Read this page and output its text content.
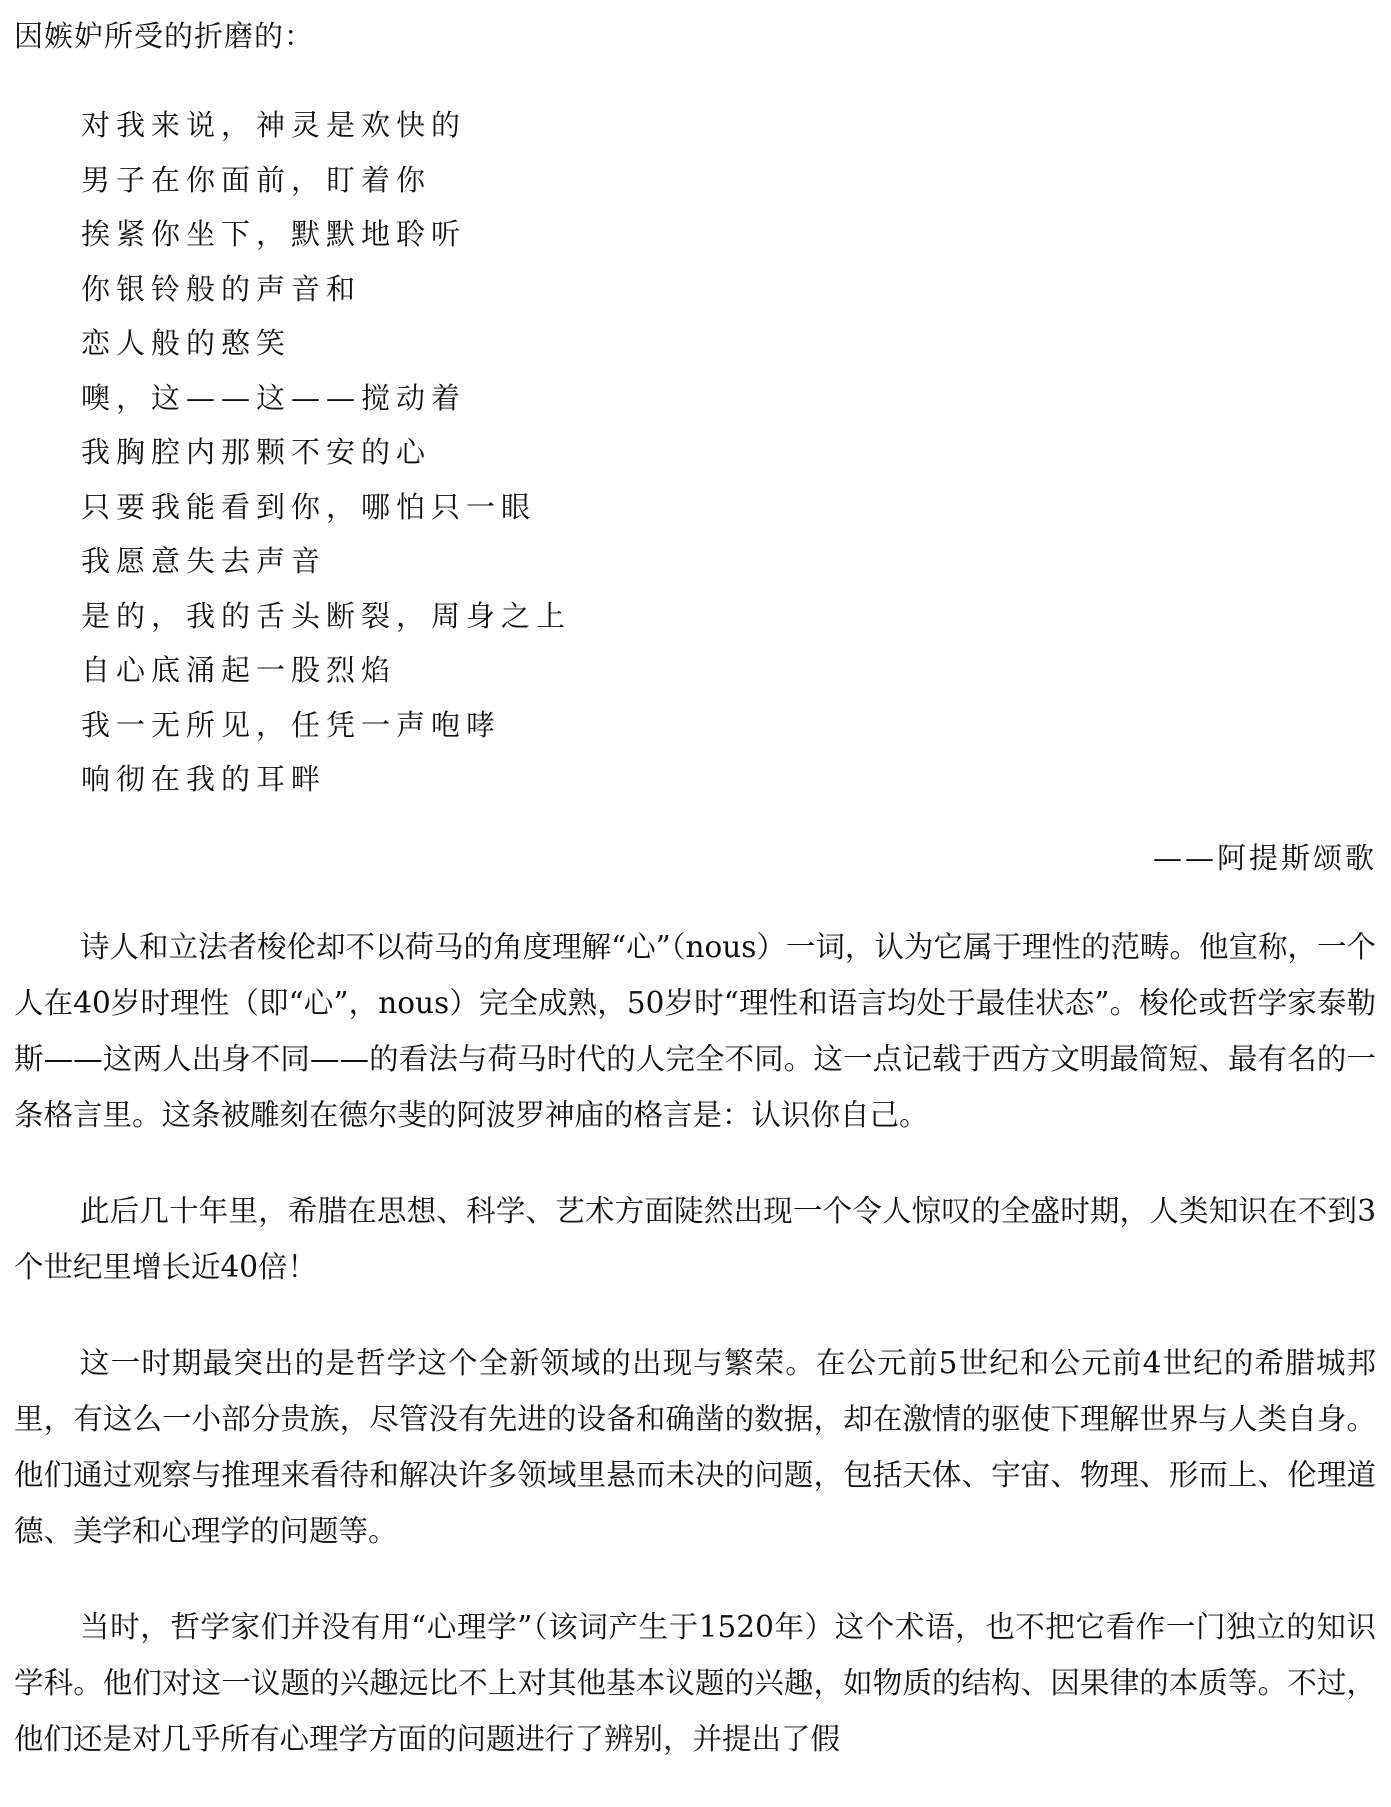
因嫉妒所受的折磨的：
对我来说，神灵是欢快的
男子在你面前，盯着你
挨紧你坐下，默默地聆听
你银铃般的声音和
恋人般的憨笑
噢，这——这——搅动着
我胸腔内那颗不安的心
只要我能看到你，哪怕只一眼
我愿意失去声音
是的，我的舌头断裂，周身之上
自心底涌起一股烈焰
我一无所见，任凭一声咆哮
响彻在我的耳畔
——阿提斯颂歌

诗人和立法者梭伦却不以荷马的角度理解“心”（nous）一词，认为它属于理性的范畴。他宣称，一个人在40岁时理性（即“心”，nous）完全成熟，50岁时“理性和语言均处于最佳状态”。梭伦或哲学家泰勒斯——这两人出身不同——的看法与荷马时代的人完全不同。这一点记载于西方文明最简短、最有名的一条格言里。这条被雕刻在德尔斐的阿波罗神庙的格言是：认识你自己。

此后几十年里，希腊在思想、科学、艺术方面陡然出现一个令人惊叹的全盛时期，人类知识在不到3个世纪里增长近40倍！

这一时期最突出的是哲学这个全新领域的出现与繁荣。在公元前5世纪和公元前4世纪的希腊城邦里，有这么一小部分贵族，尽管没有先进的设备和确凿的数据，却在激情的驱使下理解世界与人类自身。他们通过观察与推理来看待和解决许多领域里悬而未决的问题，包括天体、宇宙、物理、形而上、伦理道德、美学和心理学的问题等。

当时，哲学家们并没有用“心理学”（该词产生于1520年）这个术语，也不把它看作一门独立的知识学科。他们对这一议题的兴趣远比不上对其他基本议题的兴趣，如物质的结构、因果律的本质等。不过，他们还是对几乎所有心理学方面的问题进行了辨别，并提出了假
